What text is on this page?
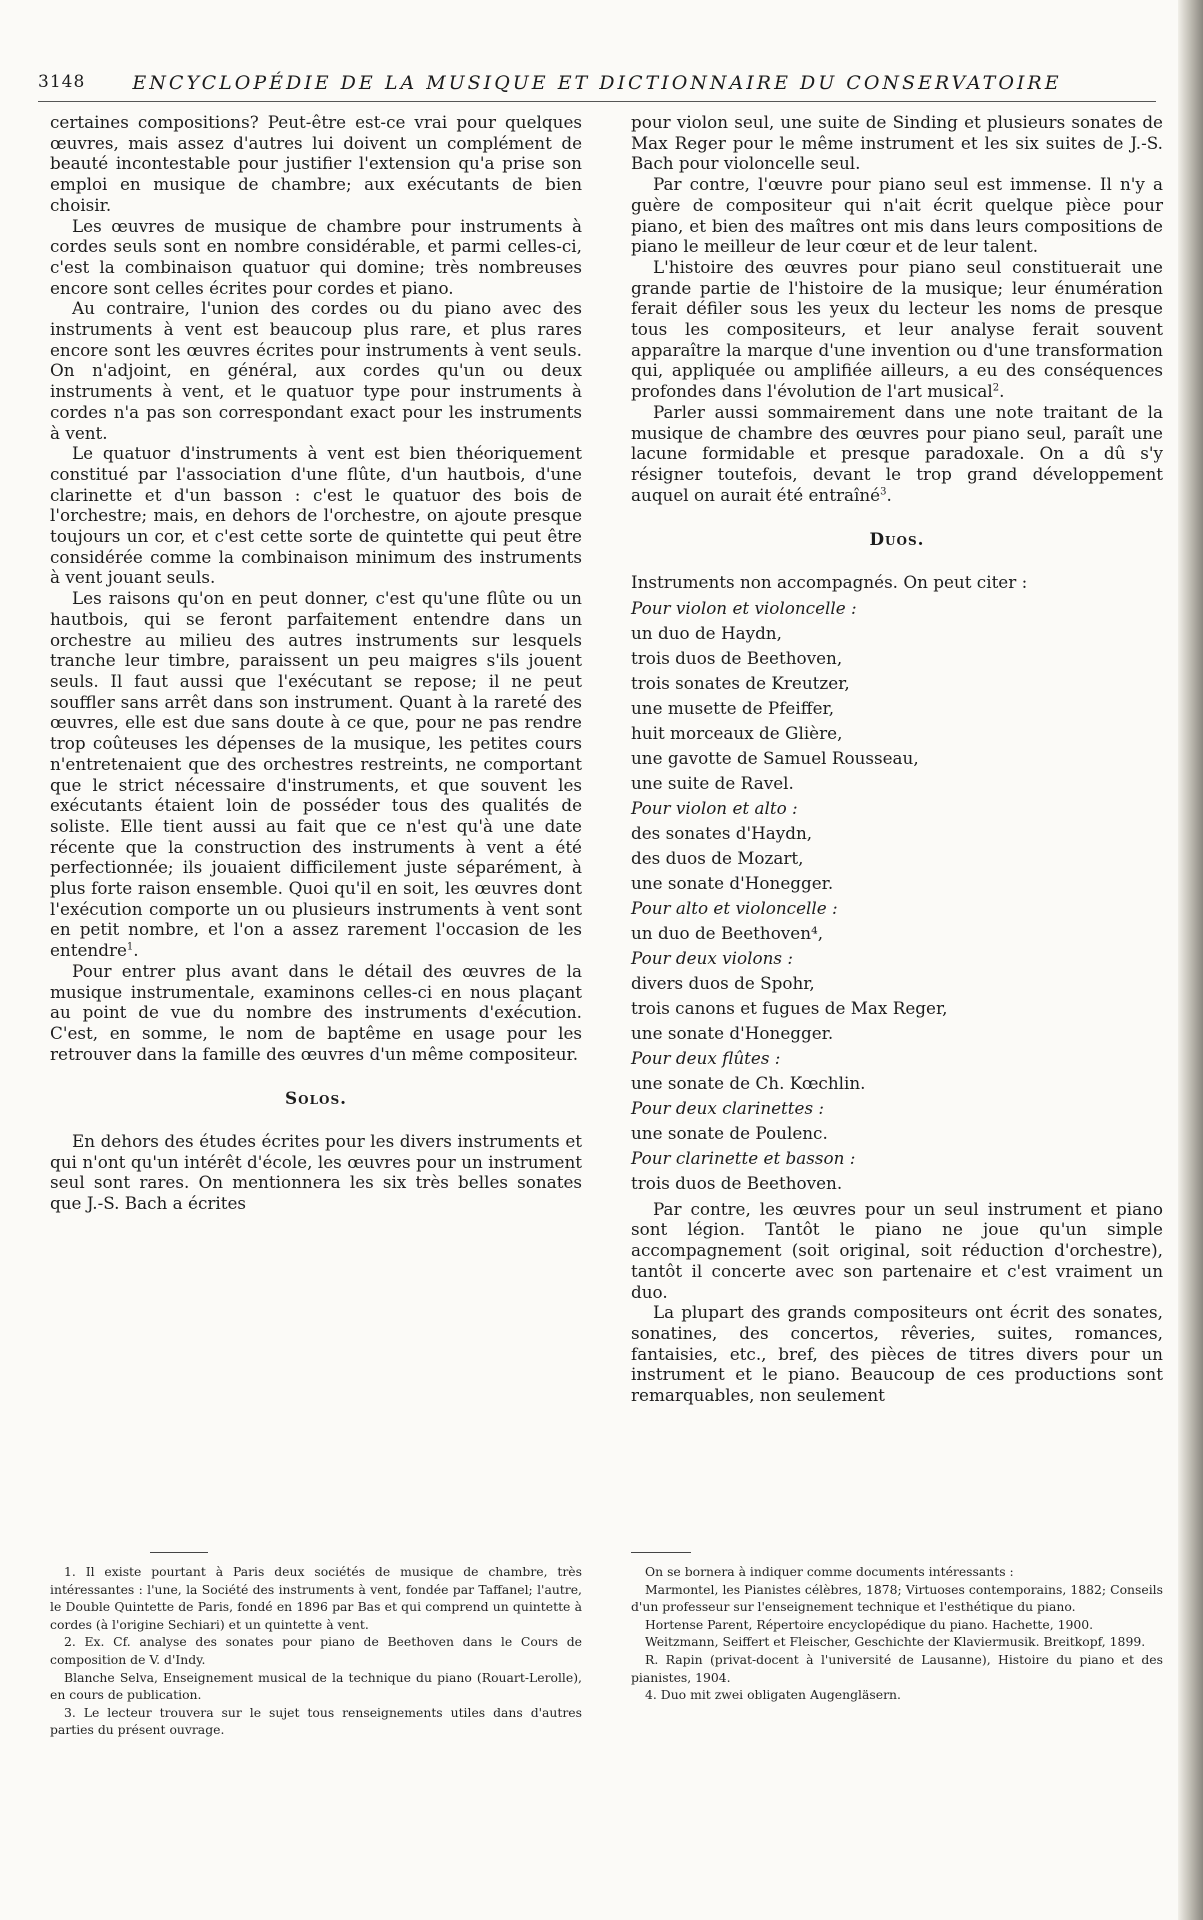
3148	ENCYCLOPÉDIE DE LA MUSIQUE ET DICTIONNAIRE DU CONSERVATOIRE

certaines compositions? Peut-être est-ce vrai pour quelques œuvres, mais assez d'autres lui doivent un complément de beauté incontestable pour justifier l'extension qu'a prise son emploi en musique de chambre; aux exécutants de bien choisir.

Les œuvres de musique de chambre pour instruments à cordes seuls sont en nombre considérable, et parmi celles-ci, c'est la combinaison quatuor qui domine; très nombreuses encore sont celles écrites pour cordes et piano.

Au contraire, l'union des cordes ou du piano avec des instruments à vent est beaucoup plus rare, et plus rares encore sont les œuvres écrites pour instruments à vent seuls. On n'adjoint, en général, aux cordes qu'un ou deux instruments à vent, et le quatuor type pour instruments à cordes n'a pas son correspondant exact pour les instruments à vent.

Le quatuor d'instruments à vent est bien théoriquement constitué par l'association d'une flûte, d'un hautbois, d'une clarinette et d'un basson : c'est le quatuor des bois de l'orchestre; mais, en dehors de l'orchestre, on ajoute presque toujours un cor, et c'est cette sorte de quintette qui peut être considérée comme la combinaison minimum des instruments à vent jouant seuls.

Les raisons qu'on en peut donner, c'est qu'une flûte ou un hautbois, qui se feront parfaitement entendre dans un orchestre au milieu des autres instruments sur lesquels tranche leur timbre, paraissent un peu maigres s'ils jouent seuls. Il faut aussi que l'exécutant se repose; il ne peut souffler sans arrêt dans son instrument. Quant à la rareté des œuvres, elle est due sans doute à ce que, pour ne pas rendre trop coûteuses les dépenses de la musique, les petites cours n'entretenaient que des orchestres restreints, ne comportant que le strict nécessaire d'instruments, et que souvent les exécutants étaient loin de posséder tous des qualités de soliste. Elle tient aussi au fait que ce n'est qu'à une date récente que la construction des instruments à vent a été perfectionnée; ils jouaient difficilement juste séparément, à plus forte raison ensemble. Quoi qu'il en soit, les œuvres dont l'exécution comporte un ou plusieurs instruments à vent sont en petit nombre, et l'on a assez rarement l'occasion de les entendre$^1$.

Pour entrer plus avant dans le détail des œuvres de la musique instrumentale, examinons celles-ci en nous plaçant au point de vue du nombre des instruments d'exécution. C'est, en somme, le nom de baptême en usage pour les retrouver dans la famille des œuvres d'un même compositeur.

Solos.

En dehors des études écrites pour les divers instruments et qui n'ont qu'un intérêt d'école, les œuvres pour un instrument seul sont rares. On mentionnera les six très belles sonates que J.-S. Bach a écrites

pour violon seul, une suite de Sinding et plusieurs sonates de Max Reger pour le même instrument et les six suites de J.-S. Bach pour violoncelle seul.

Par contre, l'œuvre pour piano seul est immense. Il n'y a guère de compositeur qui n'ait écrit quelque pièce pour piano, et bien des maîtres ont mis dans leurs compositions de piano le meilleur de leur cœur et de leur talent.

L'histoire des œuvres pour piano seul constituerait une grande partie de l'histoire de la musique; leur énumération ferait défiler sous les yeux du lecteur les noms de presque tous les compositeurs, et leur analyse ferait souvent apparaître la marque d'une invention ou d'une transformation qui, appliquée ou amplifiée ailleurs, a eu des conséquences profondes dans l'évolution de l'art musical$^2$.

Parler aussi sommairement dans une note traitant de la musique de chambre des œuvres pour piano seul, paraît une lacune formidable et presque paradoxale. On a dû s'y résigner toutefois, devant le trop grand développement auquel on aurait été entraîné$^3$.

Duos.

Instruments non accompagnés. On peut citer :

Pour violon et violoncelle :
un duo de Haydn,
trois duos de Beethoven,
trois sonates de Kreutzer,
une musette de Pfeiffer,
huit morceaux de Glière,
une gavotte de Samuel Rousseau,
une suite de Ravel.
Pour violon et alto :
des sonates d'Haydn,
des duos de Mozart,
une sonate d'Honegger.
Pour alto et violoncelle :
un duo de Beethoven⁴,
Pour deux violons :
divers duos de Spohr,
trois canons et fugues de Max Reger,
une sonate d'Honegger.
Pour deux flûtes :
une sonate de Ch. Kœchlin.
Pour deux clarinettes :
une sonate de Poulenc.
Pour clarinette et basson :
trois duos de Beethoven.

Par contre, les œuvres pour un seul instrument et piano sont légion. Tantôt le piano ne joue qu'un simple accompagnement (soit original, soit réduction d'orchestre), tantôt il concerte avec son partenaire et c'est vraiment un duo.

La plupart des grands compositeurs ont écrit des sonates, sonatines, des concertos, rêveries, suites, romances, fantaisies, etc., bref, des pièces de titres divers pour un instrument et le piano. Beaucoup de ces productions sont remarquables, non seulement

1. Il existe pourtant à Paris deux sociétés de musique de chambre, très intéressantes : l'une, la Société des instruments à vent, fondée par Taffanel; l'autre, le Double Quintette de Paris, fondé en 1896 par Bas et qui comprend un quintette à cordes (à l'origine Sechiari) et un quintette à vent.

2. Ex. Cf. analyse des sonates pour piano de Beethoven dans le Cours de composition de V. d'Indy.

Blanche Selva, Enseignement musical de la technique du piano (Rouart-Lerolle), en cours de publication.

3. Le lecteur trouvera sur le sujet tous renseignements utiles dans d'autres parties du présent ouvrage.

On se bornera à indiquer comme documents intéressants :

Marmontel, les Pianistes célèbres, 1878; Virtuoses contemporains, 1882; Conseils d'un professeur sur l'enseignement technique et l'esthétique du piano.

Hortense Parent, Répertoire encyclopédique du piano. Hachette, 1900.

Weitzmann, Seiffert et Fleischer, Geschichte der Klaviermusik. Breitkopf, 1899.

R. Rapin (privat-docent à l'université de Lausanne), Histoire du piano et des pianistes, 1904.

4. Duo mit zwei obligaten Augengläsern.
